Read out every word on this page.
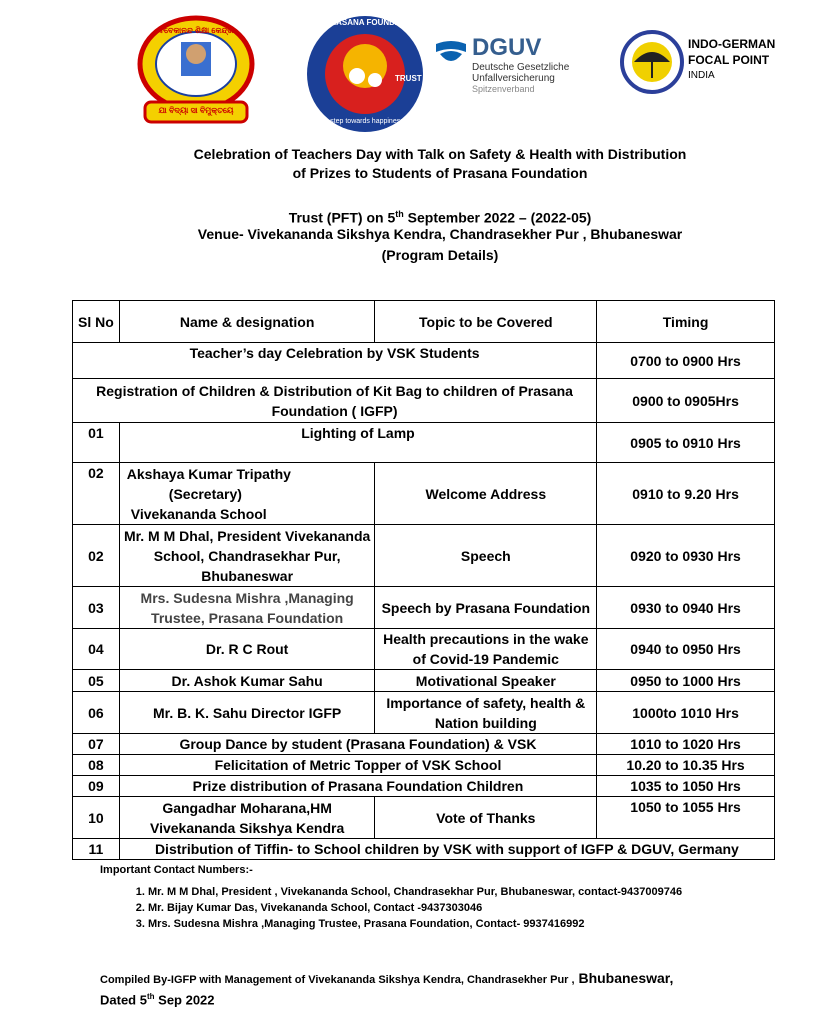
ବିବେକାନନ୍ଦ ଶିକ୍ଷା କେନ୍ଦ୍ର
ଯା ବିଦ୍ୟା ସା ବିମୁକ୍ତୟେ
PRASANA FOUNDATION
One step towards happiness
TRUST
DGUV
Deutsche Gesetzliche
Unfallversicherung
Spitzenverband
INDO-GERMAN
FOCAL POINT
INDIA
Celebration of Teachers Day with Talk on Safety & Health with Distribution
of Prizes to Students of Prasana Foundation
Trust (PFT) on 5th September 2022 – (2022-05)
Venue- Vivekananda Sikshya Kendra, Chandrasekher Pur , Bhubaneswar
(Program Details)
Sl No	Name & designation	Topic to be Covered	Timing
Teacher’s day Celebration by VSK Students			0700 to 0900 Hrs
Registration of Children & Distribution of Kit Bag to children of Prasana Foundation ( IGFP)			0900 to 0905Hrs
01	Lighting of Lamp		0905 to 0910 Hrs
02	Akshaya Kumar Tripathy
(Secretary)
Vivekananda School	Welcome Address	0910 to 9.20 Hrs
02	Mr. M M Dhal, President Vivekananda School, Chandrasekhar Pur, Bhubaneswar	Speech	0920 to 0930 Hrs
03	Mrs. Sudesna Mishra ,Managing Trustee, Prasana Foundation	Speech by Prasana Foundation	0930 to 0940 Hrs
04	Dr. R C Rout	Health precautions in the wake of Covid-19 Pandemic	0940 to 0950 Hrs
05	Dr. Ashok Kumar Sahu	Motivational Speaker	0950 to 1000 Hrs
06	Mr. B. K. Sahu Director IGFP	Importance of safety, health & Nation building	1000to 1010 Hrs
07	Group Dance by student (Prasana Foundation) & VSK		1010 to 1020 Hrs
08	Felicitation of Metric Topper of VSK School		10.20 to 10.35 Hrs
09	Prize distribution of Prasana Foundation Children		1035 to 1050 Hrs
10	Gangadhar Moharana,HM Vivekananda Sikshya Kendra	Vote of Thanks	1050 to 1055 Hrs
11	Distribution of Tiffin- to School children by VSK with support of IGFP & DGUV, Germany		
Important Contact Numbers:-
1. Mr. M M Dhal, President , Vivekananda School, Chandrasekhar Pur, Bhubaneswar, contact-9437009746
2. Mr. Bijay Kumar Das, Vivekananda School, Contact -9437303046
3. Mrs. Sudesna Mishra ,Managing Trustee, Prasana Foundation, Contact- 9937416992
Compiled By-IGFP with Management of Vivekananda Sikshya Kendra, Chandrasekher Pur , Bhubaneswar,
Dated 5th Sep 2022
